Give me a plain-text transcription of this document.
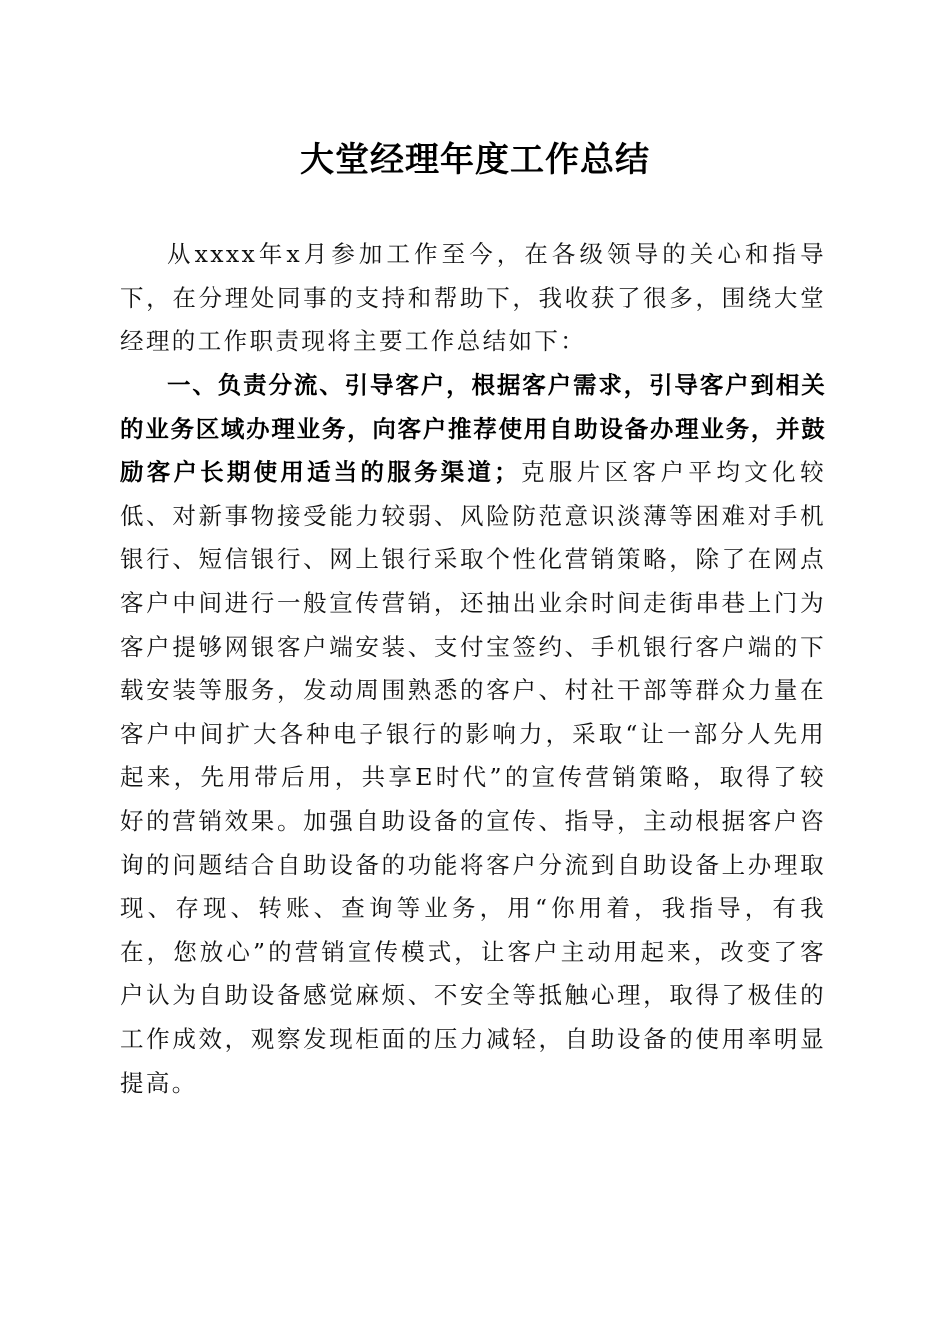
大堂经理年度工作总结

从xxxx年x月参加工作至今，在各级领导的关心和指导下，在分理处同事的支持和帮助下，我收获了很多，围绕大堂经理的工作职责现将主要工作总结如下：

一、负责分流、引导客户，根据客户需求，引导客户到相关的业务区域办理业务，向客户推荐使用自助设备办理业务，并鼓励客户长期使用适当的服务渠道；克服片区客户平均文化较低、对新事物接受能力较弱、风险防范意识淡薄等困难对手机银行、短信银行、网上银行采取个性化营销策略，除了在网点客户中间进行一般宣传营销，还抽出业余时间走街串巷上门为客户提够网银客户端安装、支付宝签约、手机银行客户端的下载安装等服务，发动周围熟悉的客户、村社干部等群众力量在客户中间扩大各种电子银行的影响力，采取“让一部分人先用起来，先用带后用，共享E时代”的宣传营销策略，取得了较好的营销效果。加强自助设备的宣传、指导，主动根据客户咨询的问题结合自助设备的功能将客户分流到自助设备上办理取现、存现、转账、查询等业务，用“你用着，我指导，有我在，您放心”的营销宣传模式，让客户主动用起来，改变了客户认为自助设备感觉麻烦、不安全等抵触心理，取得了极佳的工作成效，观察发现柜面的压力减轻，自助设备的使用率明显提高。
